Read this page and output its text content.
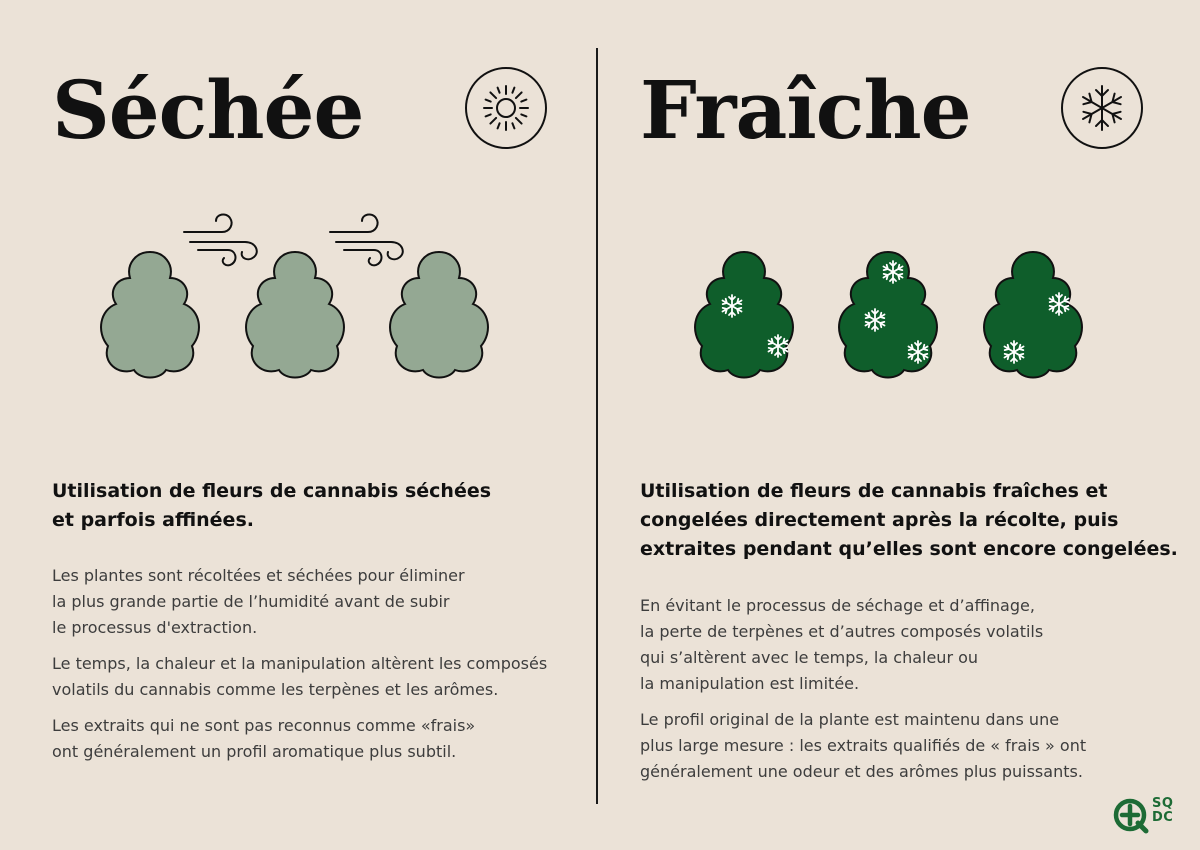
Séchée

Utilisation de fleurs de cannabis séchées
et parfois affinées.

Les plantes sont récoltées et séchées pour éliminer
la plus grande partie de l’humidité avant de subir
le processus d'extraction.

Le temps, la chaleur et la manipulation altèrent les composés
volatils du cannabis comme les terpènes et les arômes.

Les extraits qui ne sont pas reconnus comme «frais»
ont généralement un profil aromatique plus subtil.

Fraîche

Utilisation de fleurs de cannabis fraîches et
congelées directement après la récolte, puis
extraites pendant qu’elles sont encore congelées.

En évitant le processus de séchage et d’affinage,
la perte de terpènes et d’autres composés volatils
qui s’altèrent avec le temps, la chaleur ou
la manipulation est limitée.

Le profil original de la plante est maintenu dans une
plus large mesure : les extraits qualifiés de « frais » ont
généralement une odeur et des arômes plus puissants.

SQ
DC
